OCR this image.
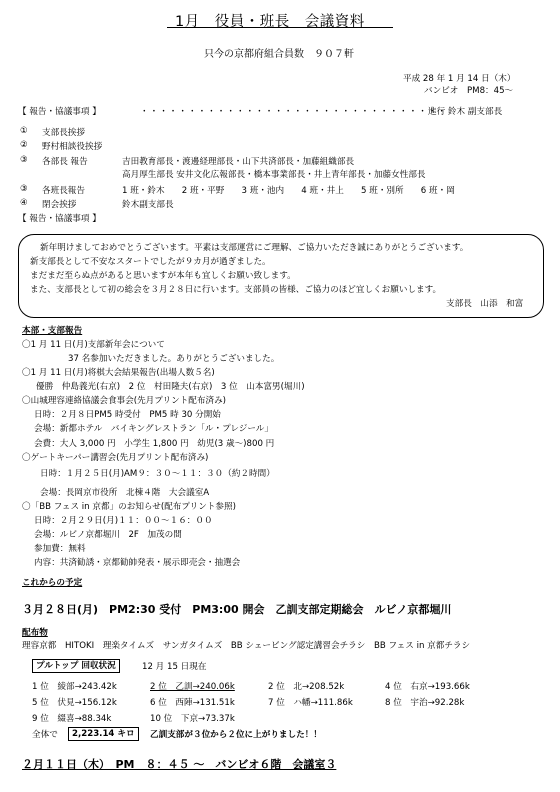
1月　役員・班長　会議資料
只今の京都府組合員数　９０７軒
平成 28 年 1 月 14 日（木）
バンビオ　PM8：45～
【 報告・協議事項 】	・・・・・・・・・・・・・・・・・・・・・・・・・・・・・・・・
進行 鈴木 副支部長
① 支部長挨拶
② 野村相談役挨拶
③ 各部長 報告	吉田教育部長・渡邊経理部長・山下共済部長・加藤組織部長
高月厚生部長 安井文化広報部長・橋本事業部長・井上青年部長・加藤女性部長
③ 各班長報告	1 班・鈴木　　2 班・平野　　3 班・池内　　4 班・井上　　5 班・別所　　6 班・岡
④ 閉会挨拶	鈴木副支部長
【 報告・協議事項 】
新年明けましておめでとうございます。平素は支部運営にご理解、ご協力いただき誠にありがとうございます。
新支部長として不安なスタートでしたが９カ月が過ぎました。
まだまだ至らぬ点があると思いますが本年も宜しくお願い致します。
また、支部長として初の総会を３月２８日に行います。支部員の皆様、ご協力のほど宜しくお願いします。
支部長　山添　和富
本部・支部報告
〇1 月 11 日(月)支部新年会について
37 名参加いただきました。ありがとうございました。
〇1 月 11 日(月)将棋大会結果報告(出場人数５名)
優勝　仲島義光(右京)　2 位　村田隆夫(右京)　3 位　山本富男(堀川)
〇山城理容連絡協議会食事会(先月プリント配布済み)
日時：２月８日PM5 時受付　PM5 時 30 分開始
会場：新都ホテル　バイキングレストラン「ル・プレジール」
会費：大人 3,000 円　小学生 1,800 円　幼児(3 歳～)800 円
〇ゲートキーパー講習会(先月プリント配布済み)
日時：１月２５日(月)AM９：３０～１１：３０（約２時間）
会場：長岡京市役所　北棟４階　大会議室A
〇「BB フェス in 京都」のお知らせ(配布プリント参照)
日時：２月２９日(月)１１：００～１６：００
会場：ルビノ京都堀川　2F　加茂の間
参加費：無料
内容：共済勧誘・京都勧帥発表・展示即売会・抽選会
これからの予定
３月２８日(月)　PM2:30 受付　PM3:00 開会　乙訓支部定期総会　ルビノ京都堀川
配布物
理容京都　HITOKI　理楽タイムズ　サンガタイムズ　BB シェービング認定講習会チラシ　BB フェス in 京都チラシ
プルトップ 回収状況	12 月 15 日現在
1 位　綾部→243.42k	2 位　乙訓→240.06k	2 位　北→208.52k	4 位　右京→193.66k
5 位　伏見→156.12k	6 位　西陣→131.51k	7 位　ハ幡→111.86k	8 位　宇治→92.28k
9 位　綴喜→88.34k	10 位　下京→73.37k
全体で	2,223.14 キロ	乙訓支部が３位から２位に上がりました！！
２月１１日（木）　PM　８：４５ ～　バンビオ６階　会議室３
